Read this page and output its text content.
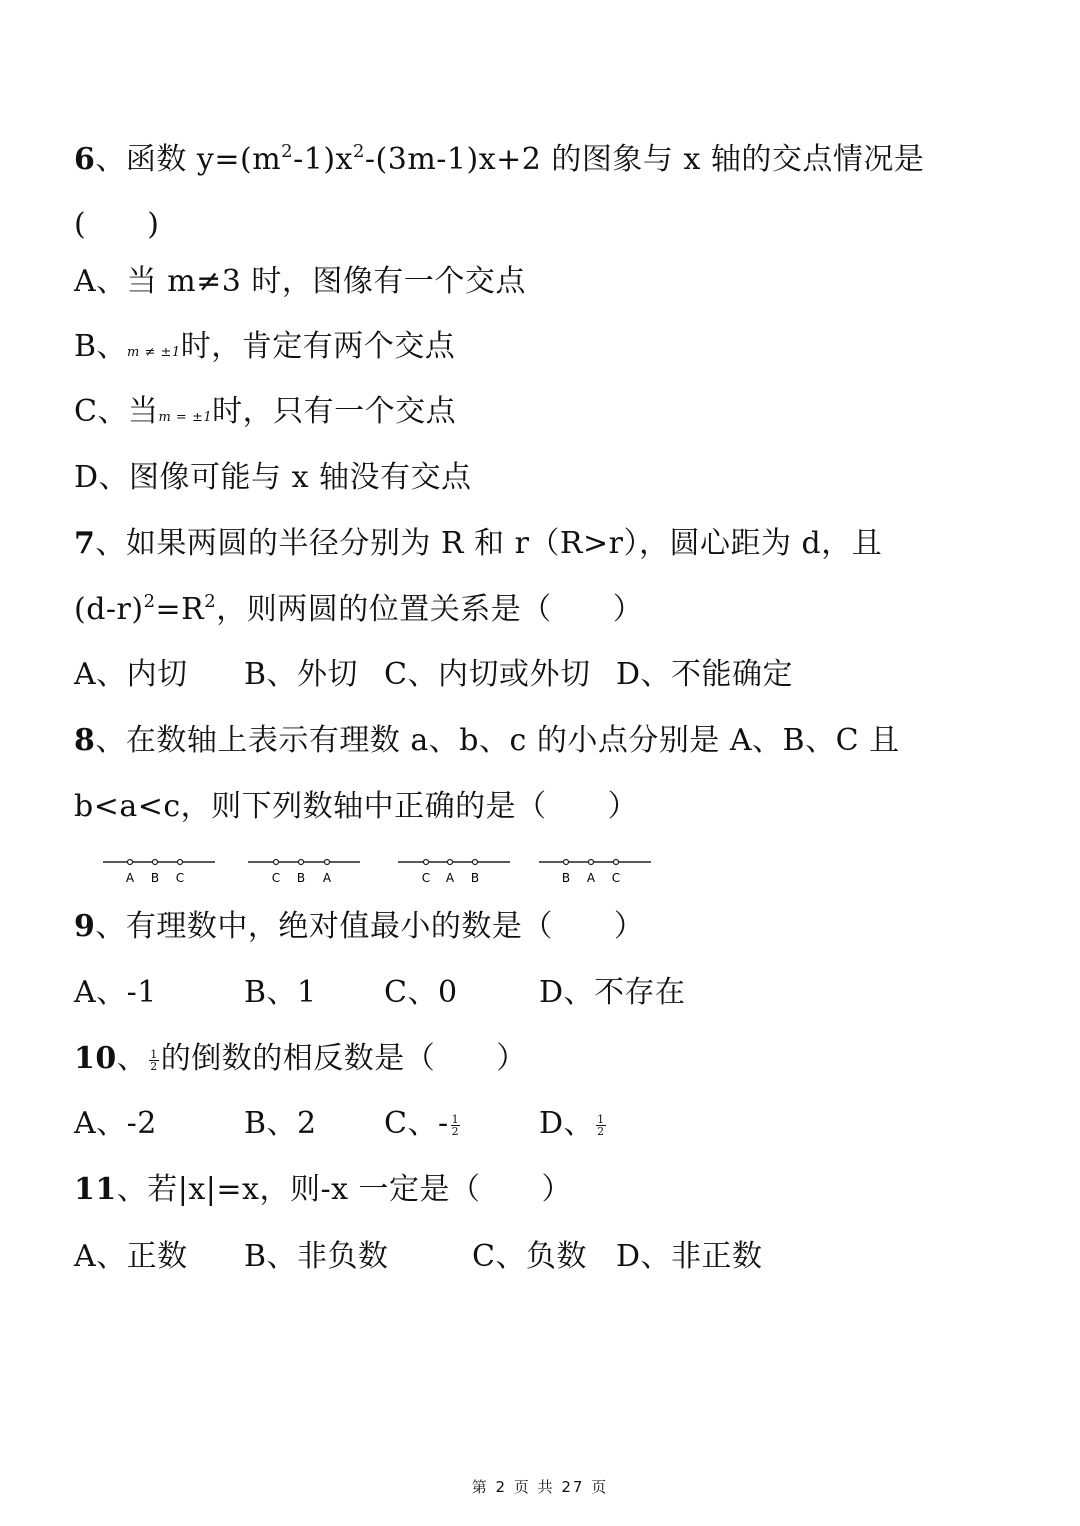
6、函数 $y=(m^2-1)x^2-(3m-1)x+2$ 的图象与 x 轴的交点情况是
(　　)
A、当 m≠3 时，图像有一个交点
B、m ≠ ±1时，肯定有两个交点
C、当m = ±1时，只有一个交点
D、图像可能与 x 轴没有交点
7、如果两圆的半径分别为 R 和 r（R>r），圆心距为 d，且
$(d-r)^2=R^2$，则两圆的位置关系是（　　）
A、内切 B、外切 C、内切或外切 D、不能确定
8、在数轴上表示有理数 a、b、c 的小点分别是 A、B、C 且
b<a<c，则下列数轴中正确的是（　　）
A B C	C B A	C A B	B A C
9、有理数中，绝对值最小的数是（　　）
A、-1	B、1 C、0	D、不存在
10、 $\frac{1}{2}$ 的倒数的相反数是（　　）
A、-2	B、2 C、- $\frac{1}{2}$	D、 $\frac{1}{2}$
11、若|x|=x，则-x 一定是（　　）
A、正数 B、非负数	C、负数 D、非正数
第 2 页 共 27 页
